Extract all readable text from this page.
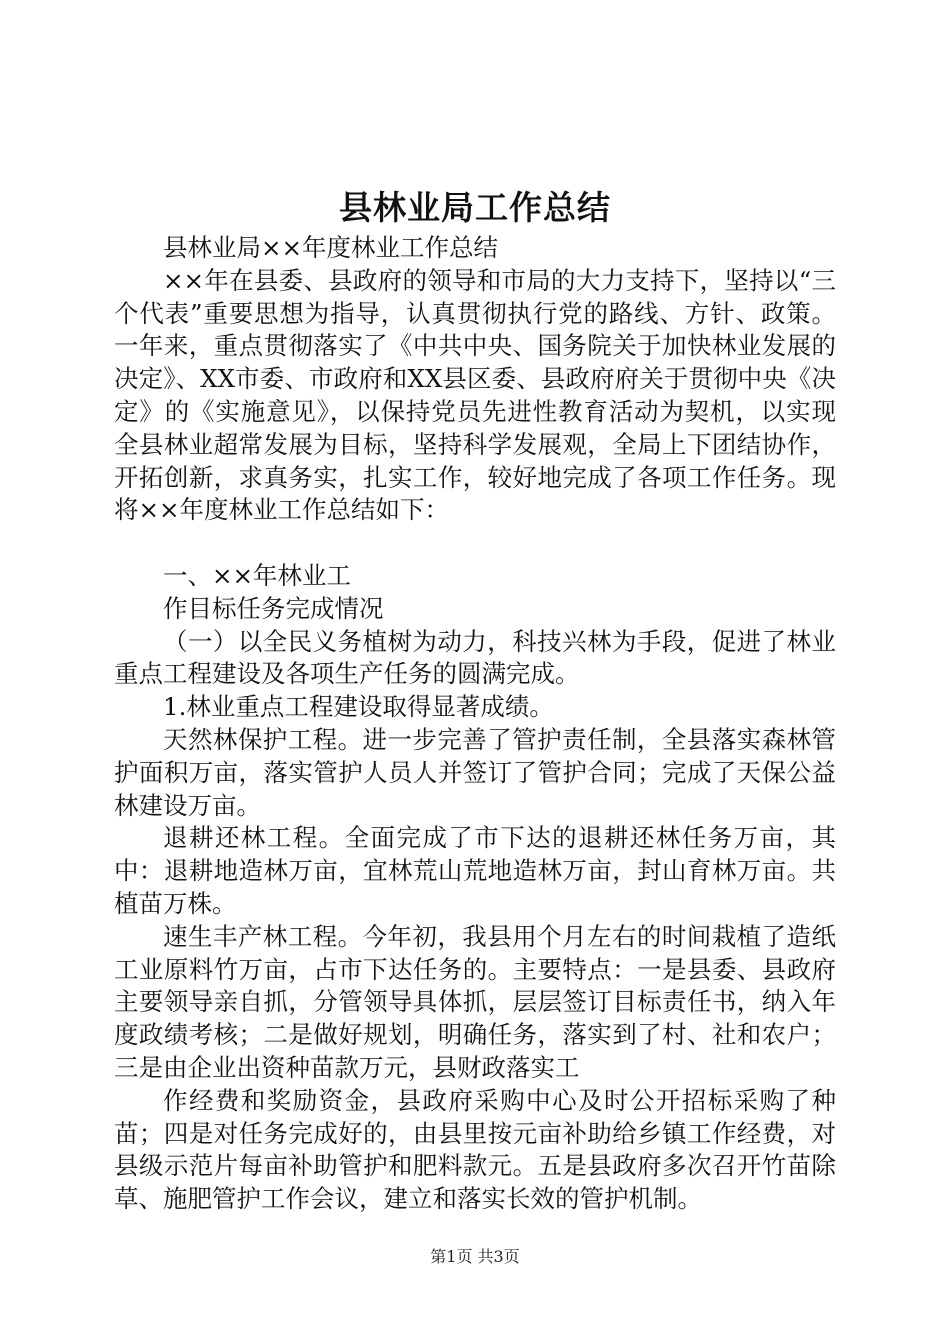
县林业局工作总结

县林业局××年度林业工作总结

××年在县委、县政府的领导和市局的大力支持下，坚持以“三个代表”重要思想为指导，认真贯彻执行党的路线、方针、政策。一年来，重点贯彻落实了《中共中央、国务院关于加快林业发展的决定》、XX市委、市政府和XX县区委、县政府府关于贯彻中央《决定》的《实施意见》，以保持党员先进性教育活动为契机，以实现全县林业超常发展为目标，坚持科学发展观，全局上下团结协作，开拓创新，求真务实，扎实工作，较好地完成了各项工作任务。现将××年度林业工作总结如下：

一、××年林业工

作目标任务完成情况

（一）以全民义务植树为动力，科技兴林为手段，促进了林业重点工程建设及各项生产任务的圆满完成。

1.林业重点工程建设取得显著成绩。

天然林保护工程。进一步完善了管护责任制，全县落实森林管护面积万亩，落实管护人员人并签订了管护合同；完成了天保公益林建设万亩。

退耕还林工程。全面完成了市下达的退耕还林任务万亩，其中：退耕地造林万亩，宜林荒山荒地造林万亩，封山育林万亩。共植苗万株。

速生丰产林工程。今年初，我县用个月左右的时间栽植了造纸工业原料竹万亩，占市下达任务的。主要特点：一是县委、县政府主要领导亲自抓，分管领导具体抓，层层签订目标责任书，纳入年度政绩考核；二是做好规划，明确任务，落实到了村、社和农户；三是由企业出资种苗款万元，县财政落实工

作经费和奖励资金，县政府采购中心及时公开招标采购了种苗；四是对任务完成好的，由县里按元亩补助给乡镇工作经费，对县级示范片每亩补助管护和肥料款元。五是县政府多次召开竹苗除草、施肥管护工作会议，建立和落实长效的管护机制。

第1页 共3页
